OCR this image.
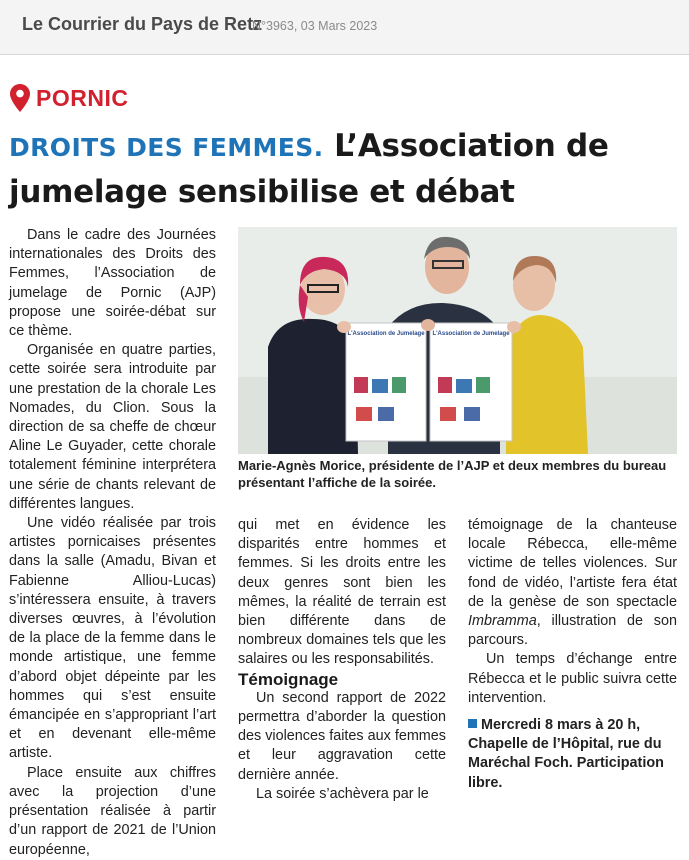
Le Courrier du Pays de Retz
N°3963, 03 Mars 2023
PORNIC
DROITS DES FEMMES. L’Association de jumelage sensibilise et débat

Dans le cadre des Journées internationales des Droits des Femmes, l’Association de jumelage de Pornic (AJP) propose une soirée-débat sur ce thème.

Organisée en quatre parties, cette soirée sera introduite par une prestation de la chorale Les Nomades, du Clion. Sous la direction de sa cheffe de chœur Aline Le Guyader, cette chorale totalement féminine interprétera une série de chants relevant de différentes langues.

Une vidéo réalisée par trois artistes pornicaises présentes dans la salle (Amadu, Bivan et Fabienne Alliou-Lucas) s’intéressera ensuite, à travers diverses œuvres, à l’évolution de la place de la femme dans le monde artistique, une femme d’abord objet dépeinte par les hommes qui s’est ensuite émancipée en s’appropriant l’art et en devenant elle-même artiste.

Place ensuite aux chiffres avec la projection d’une présentation réalisée à partir d’un rapport de 2021 de l’Union européenne,

L'Association de Jumelage L'Association de Jumelage
Marie-Agnès Morice, présidente de l’AJP et deux membres du bureau présentant l’affiche de la soirée.

qui met en évidence les disparités entre hommes et femmes. Si les droits entre les deux genres sont bien les mêmes, la réalité de terrain est bien différente dans de nombreux domaines tels que les salaires ou les responsabilités.

Témoignage

Un second rapport de 2022 permettra d’aborder la question des violences faites aux femmes et leur aggravation cette dernière année.

La soirée s’achèvera par le

témoignage de la chanteuse locale Rébecca, elle-même victime de telles violences. Sur fond de vidéo, l’artiste fera état de la genèse de son spectacle Imbramma, illustration de son parcours.

Un temps d’échange entre Rébecca et le public suivra cette intervention.

Mercredi 8 mars à 20 h, Chapelle de l’Hôpital, rue du Maréchal Foch. Participation libre.
